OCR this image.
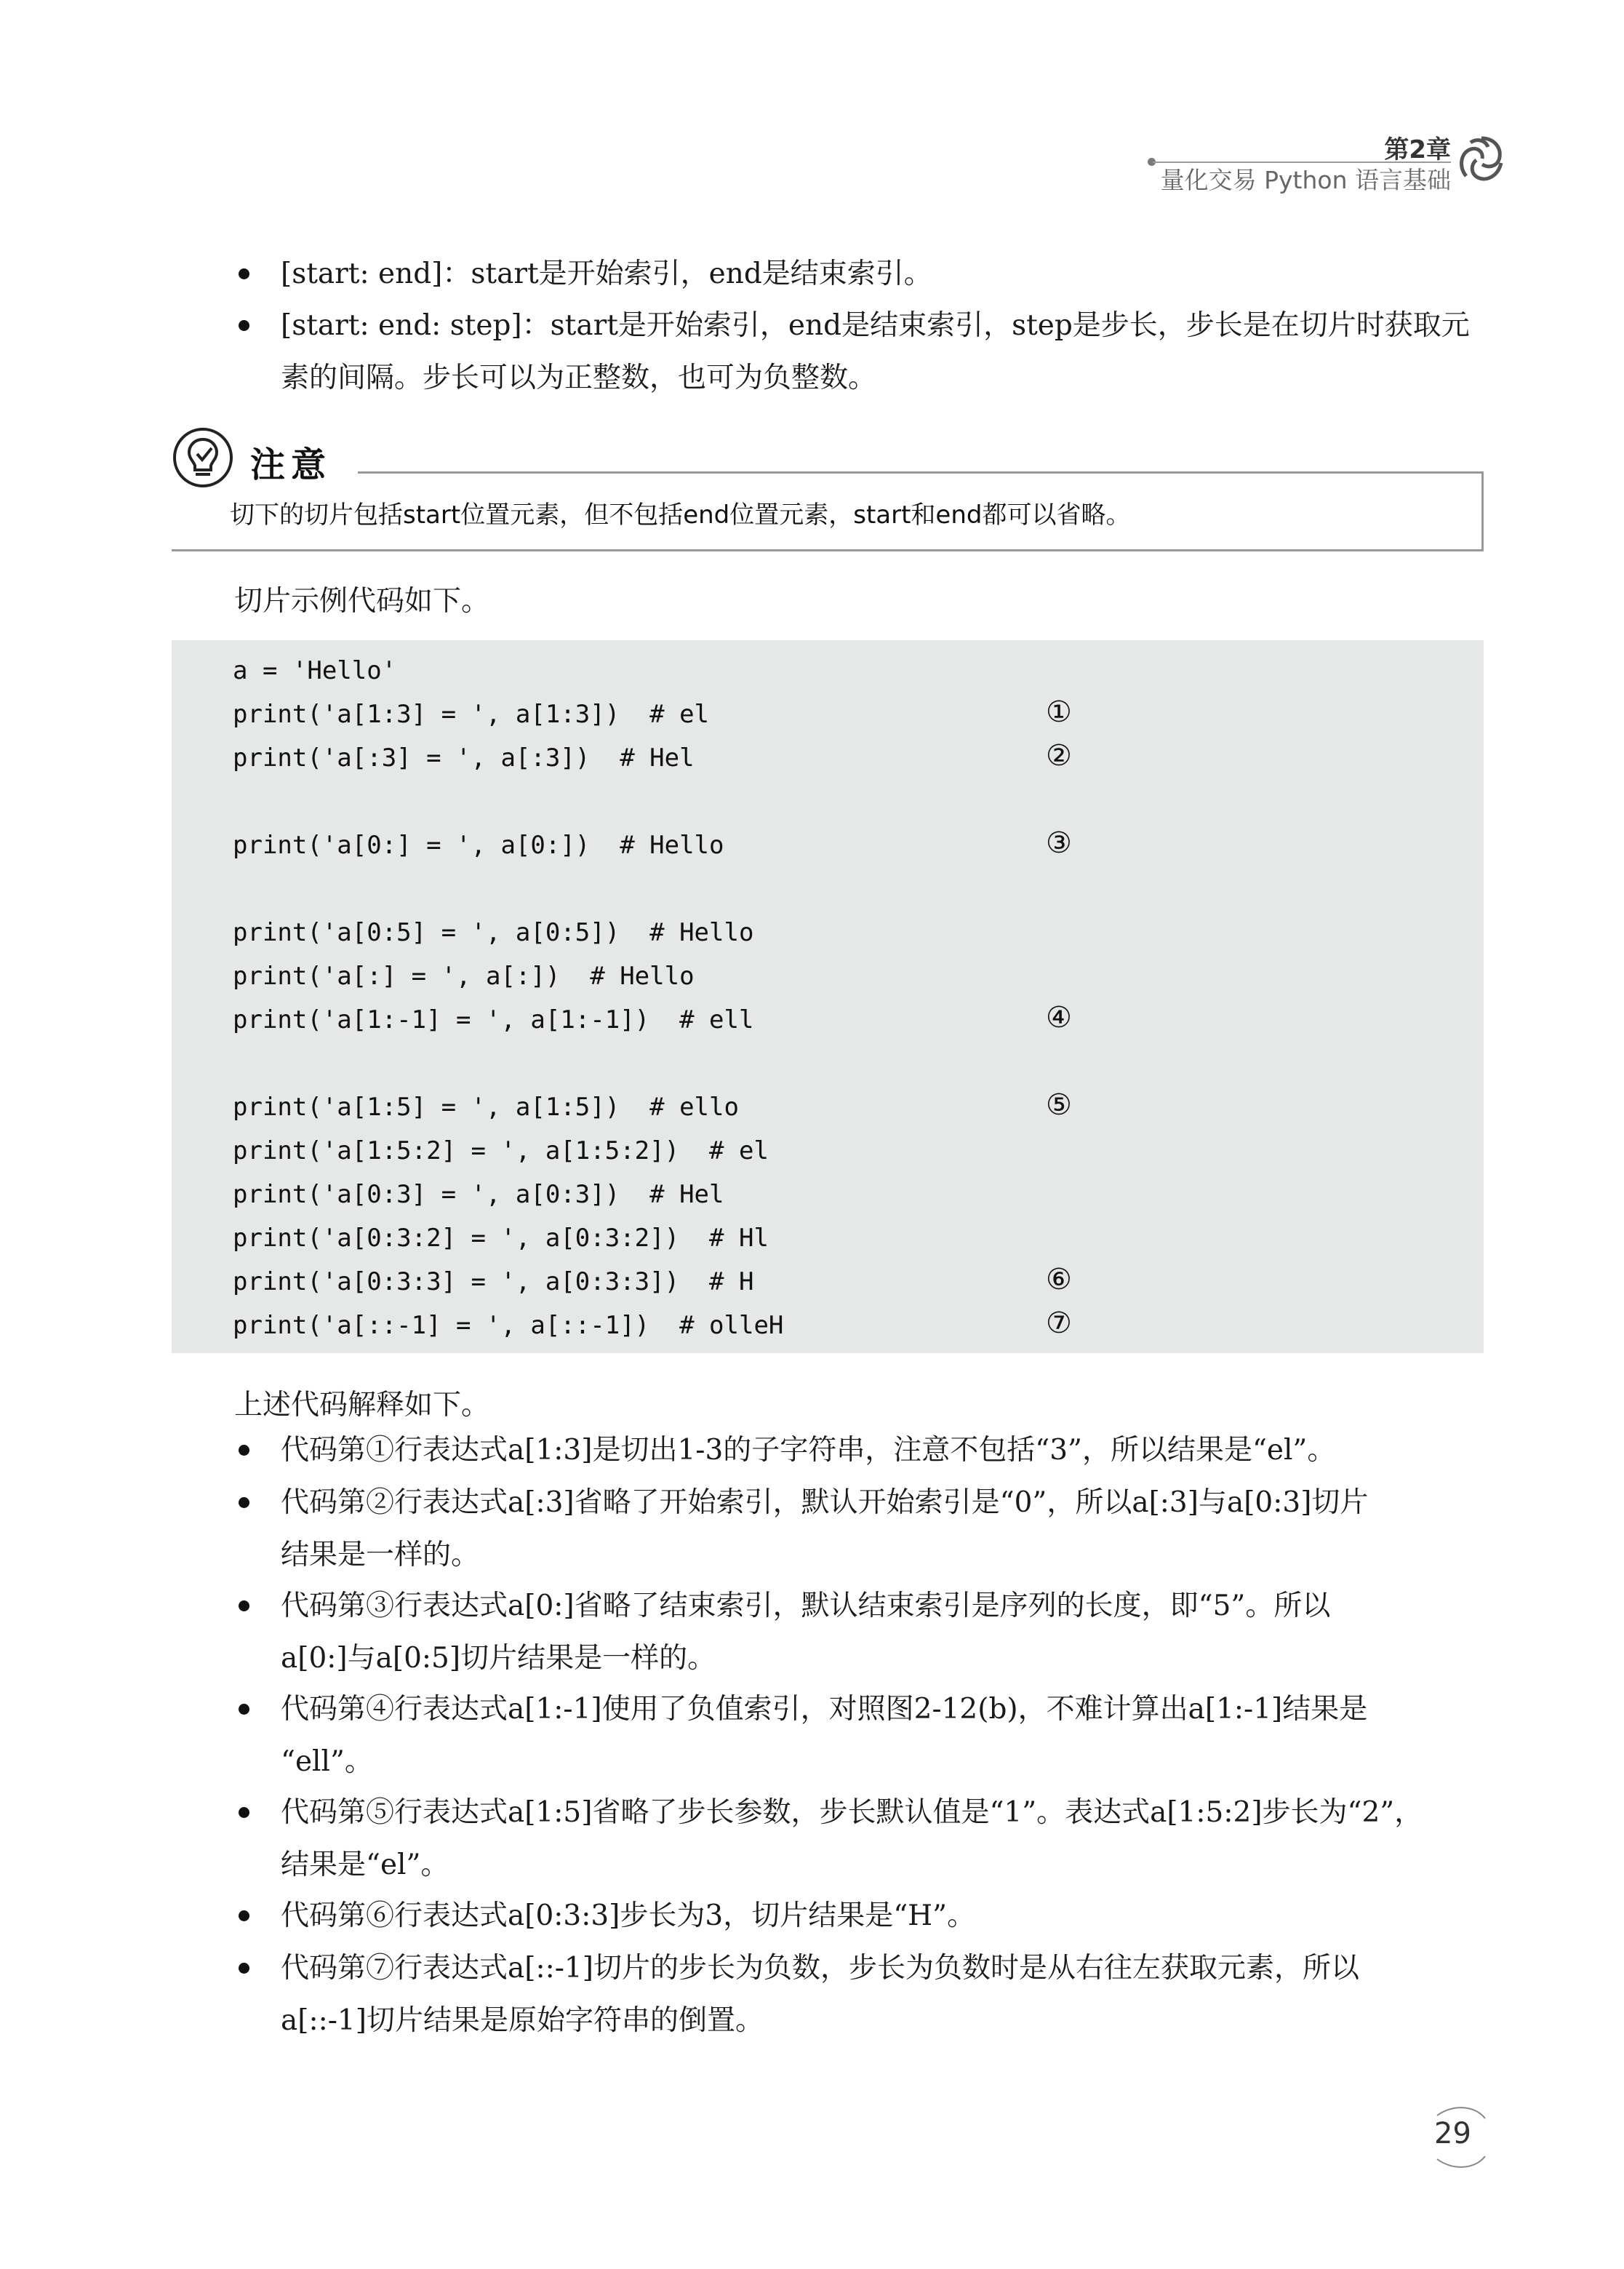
第2章
量化交易 Python 语言基础
[start: end]：start是开始索引，end是结束索引。
[start: end: step]：start是开始索引，end是结束索引，step是步长，步长是在切片时获取元
素的间隔。步长可以为正整数，也可为负整数。
注意
切下的切片包括start位置元素，但不包括end位置元素，start和end都可以省略。
切片示例代码如下。
a = 'Hello'
print('a[1:3] = ', a[1:3])  # el
print('a[:3] = ', a[:3])  # Hel
print('a[0:] = ', a[0:])  # Hello
print('a[0:5] = ', a[0:5])  # Hello
print('a[:] = ', a[:])  # Hello
print('a[1:-1] = ', a[1:-1])  # ell
print('a[1:5] = ', a[1:5])  # ello
print('a[1:5:2] = ', a[1:5:2])  # el
print('a[0:3] = ', a[0:3])  # Hel
print('a[0:3:2] = ', a[0:3:2])  # Hl
print('a[0:3:3] = ', a[0:3:3])  # H
print('a[::-1] = ', a[::-1])  # olleH
①
②
③
④
⑤
⑥
⑦
上述代码解释如下。
代码第①行表达式a[1:3]是切出1-3的子字符串，注意不包括“3”，所以结果是“el”。
代码第②行表达式a[:3]省略了开始索引，默认开始索引是“0”，所以a[:3]与a[0:3]切片
结果是一样的。
代码第③行表达式a[0:]省略了结束索引，默认结束索引是序列的长度，即“5”。所以
a[0:]与a[0:5]切片结果是一样的。
代码第④行表达式a[1:-1]使用了负值索引，对照图2-12(b)，不难计算出a[1:-1]结果是
“ell”。
代码第⑤行表达式a[1:5]省略了步长参数，步长默认值是“1”。表达式a[1:5:2]步长为“2”，
结果是“el”。
代码第⑥行表达式a[0:3:3]步长为3，切片结果是“H”。
代码第⑦行表达式a[::-1]切片的步长为负数，步长为负数时是从右往左获取元素，所以
a[::-1]切片结果是原始字符串的倒置。
29
